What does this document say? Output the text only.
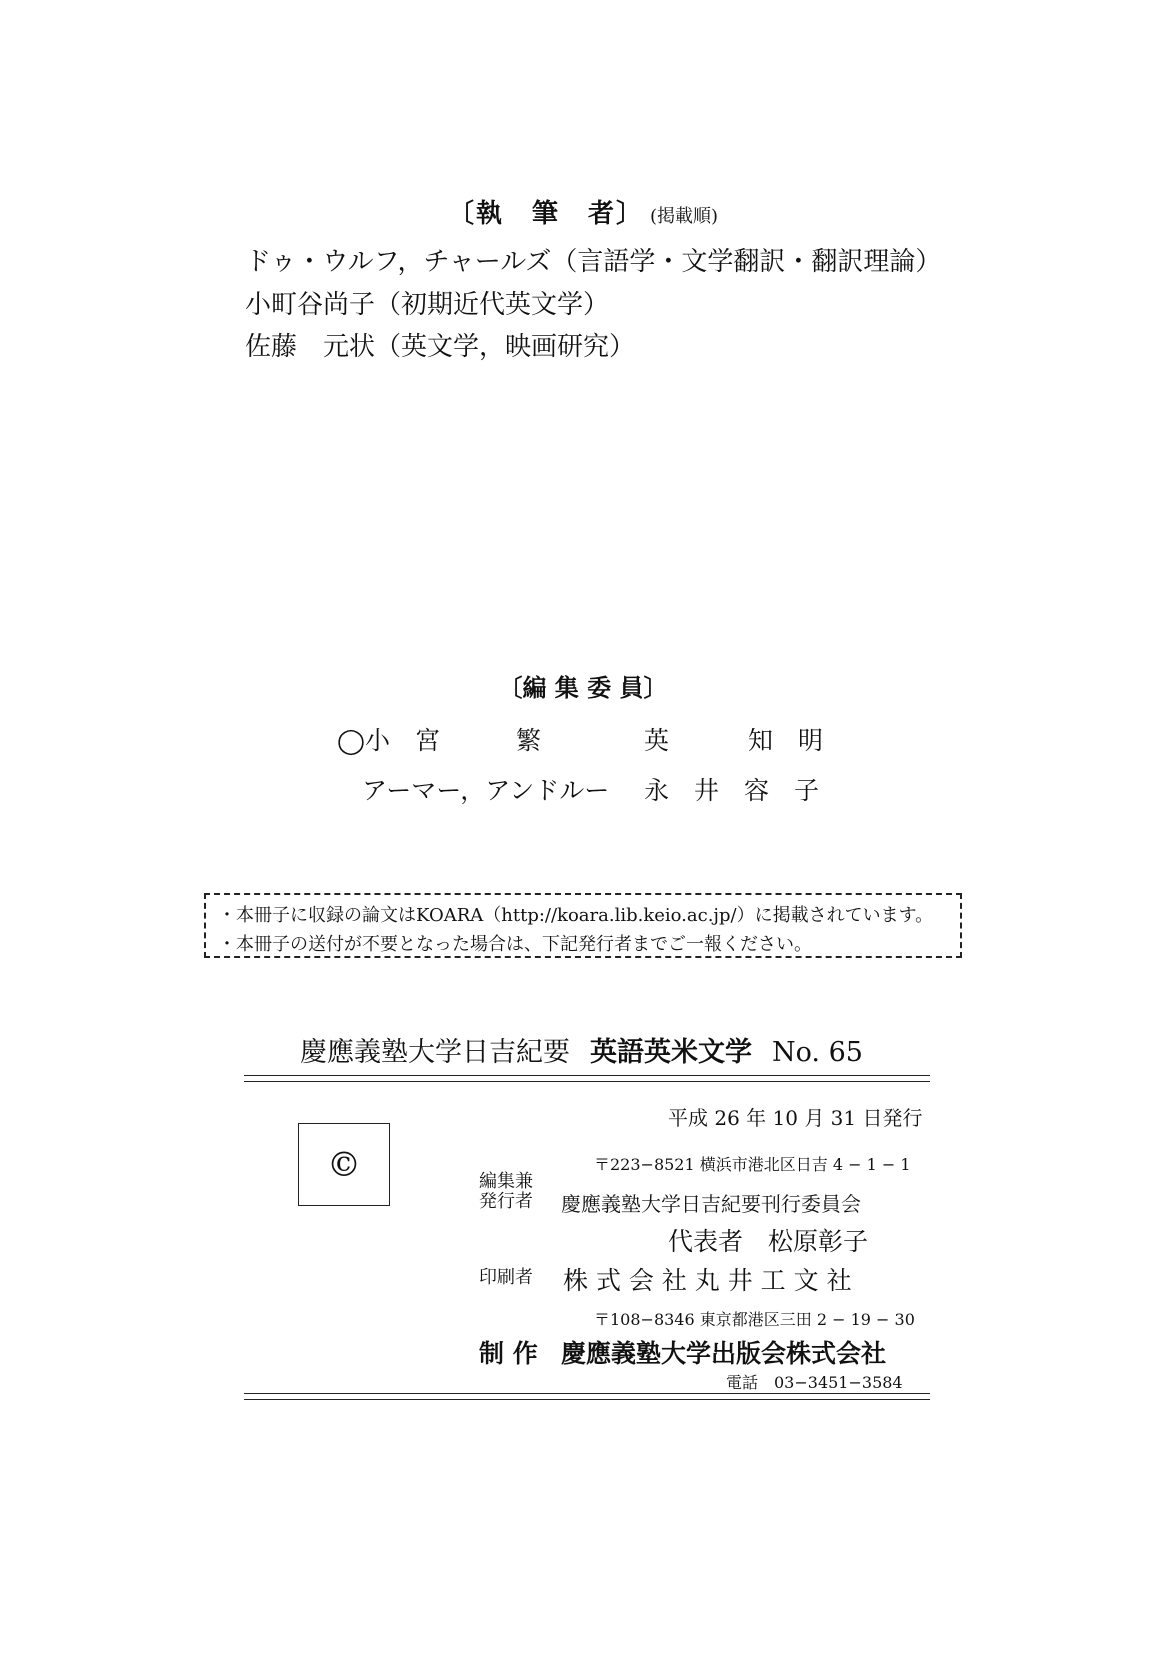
〔執　筆　者〕 (掲載順)
ドゥ・ウルフ，チャールズ（言語学・文学翻訳・翻訳理論）
小町谷尚子（初期近代英文学）
佐藤　元状（英文学，映画研究）
〔編 集 委 員〕
◯小　宮	繁	英	知　明
アーマー，アンドルー 永　井　容　子
・本冊子に収録の論文はKOARA（http://koara.lib.keio.ac.jp/）に掲載されています。
・本冊子の送付が不要となった場合は、下記発行者までご一報ください。
慶應義塾大学日吉紀要 英語英米文学 No. 65
©
平成 26 年 10 月 31 日発行
〒223−8521 横浜市港北区日吉 4 − 1 − 1
編集兼
発行者 慶應義塾大学日吉紀要刊行委員会
代表者　松原彰子
印刷者 株 式 会 社 丸 井 工 文 社
〒108−8346 東京都港区三田 2 − 19 − 30
制 作 慶應義塾大学出版会株式会社
電話　03−3451−3584
